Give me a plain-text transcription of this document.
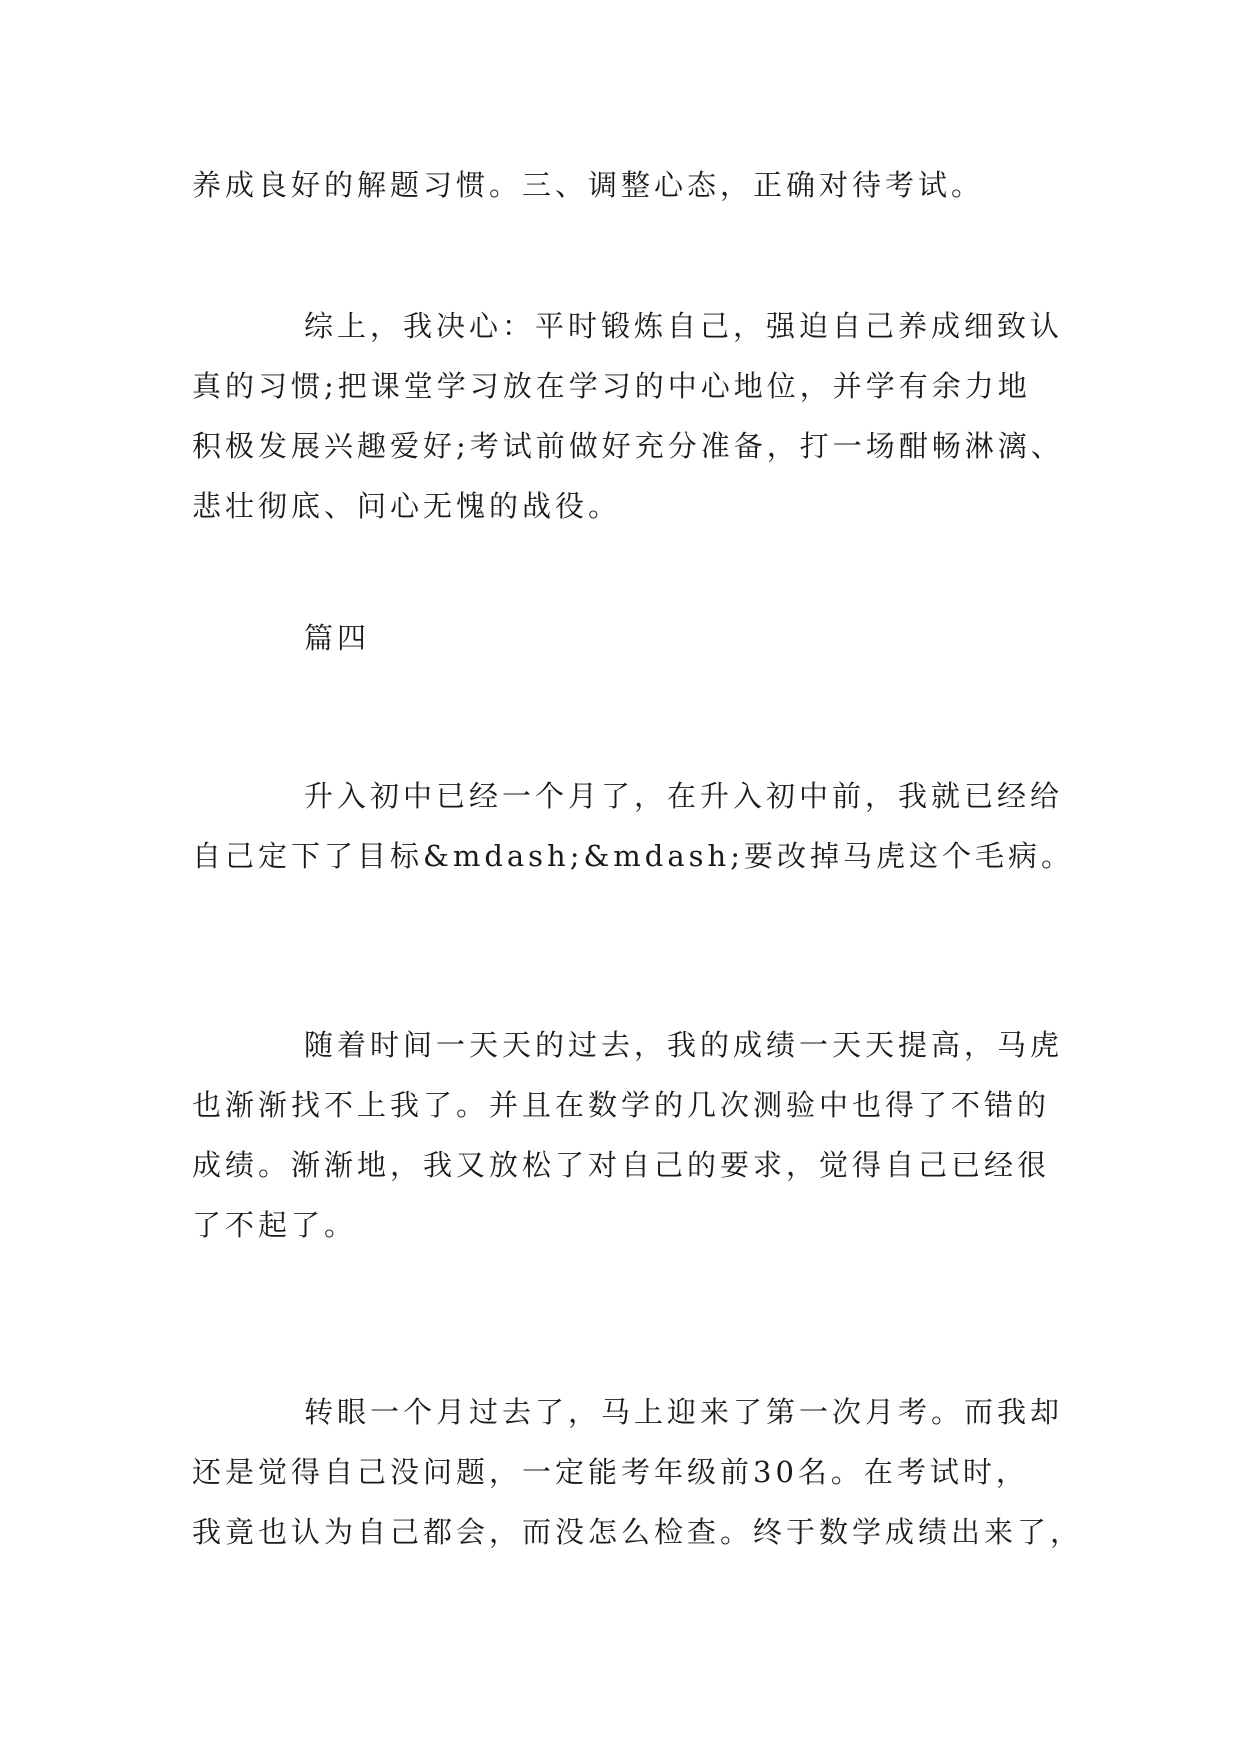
养成良好的解题习惯。三、调整心态，正确对待考试。
综上，我决心：平时锻炼自己，强迫自己养成细致认
真的习惯;把课堂学习放在学习的中心地位，并学有余力地
积极发展兴趣爱好;考试前做好充分准备，打一场酣畅淋漓、
悲壮彻底、问心无愧的战役。
篇四
升入初中已经一个月了，在升入初中前，我就已经给
自己定下了目标&mdash;&mdash;要改掉马虎这个毛病。
随着时间一天天的过去，我的成绩一天天提高，马虎
也渐渐找不上我了。并且在数学的几次测验中也得了不错的
成绩。渐渐地，我又放松了对自己的要求，觉得自己已经很
了不起了。
转眼一个月过去了，马上迎来了第一次月考。而我却
还是觉得自己没问题，一定能考年级前30名。在考试时，
我竟也认为自己都会，而没怎么检查。终于数学成绩出来了，
